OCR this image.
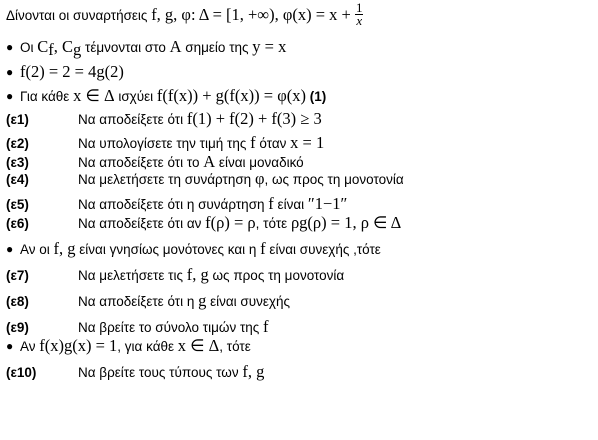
Δίνονται οι συναρτήσεις f, g, φ: Δ = [1, +∞), $\varphi(x) = x + \frac{1}{x}$
● Οι $C_f$, $C_g$ τέμνονται στο A σημείο της y = x
● f(2) = 2 = 4g(2)
● Για κάθε x ∈ Δ ισχύει f(f(x)) + g(f(x)) = φ(x) (1)
(ε1)	Να αποδείξετε ότι f(1) + f(2) + f(3) ≥ 3
(ε2)	Να υπολογίσετε την τιμή της f όταν x = 1
(ε3)	Να αποδείξετε ότι το A είναι μοναδικό
(ε4)	Να μελετήσετε τη συνάρτηση φ, ως προς τη μονοτονία
(ε5)	Να αποδείξετε ότι η συνάρτηση f είναι ″1−1″
(ε6)	Να αποδείξετε ότι αν f(ρ) = ρ, τότε ρg(ρ) = 1, ρ ∈ Δ
● Αν οι f, g είναι γνησίως μονότονες και η f είναι συνεχής ,τότε
(ε7)	Να μελετήσετε τις f, g ως προς τη μονοτονία
(ε8)	Να αποδείξετε ότι η g είναι συνεχής
(ε9)	Να βρείτε το σύνολο τιμών της f
● Αν f(x)g(x) = 1, για κάθε x ∈ Δ, τότε
(ε10)	Να βρείτε τους τύπους των f, g
